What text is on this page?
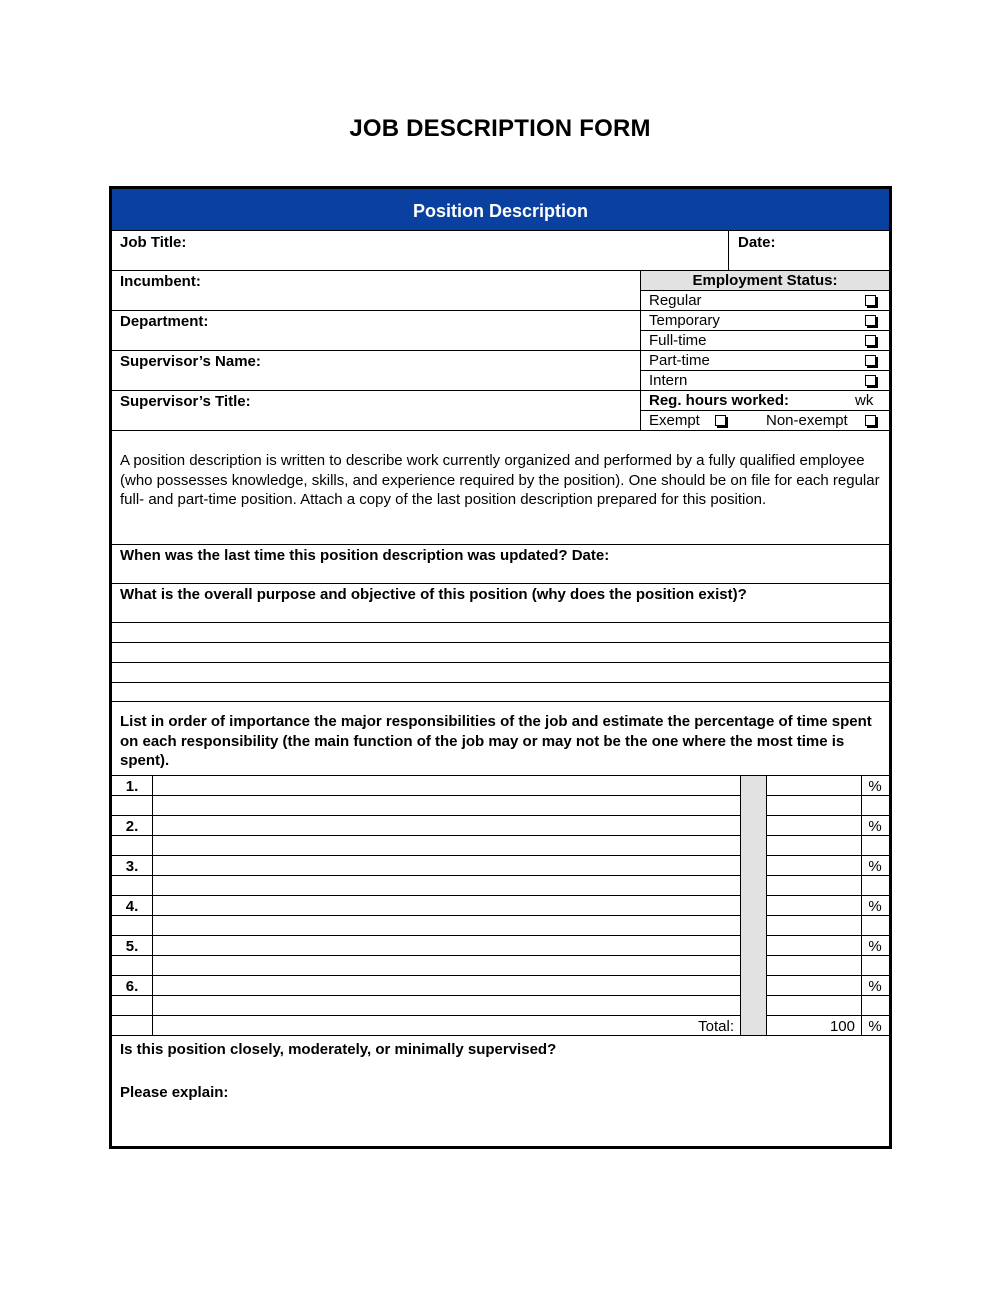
JOB DESCRIPTION FORM
Position Description
Job Title:	Date:
Incumbent:
Department:
Supervisor’s Name:
Supervisor’s Title:
Employment Status:
Regular
Temporary
Full-time
Part-time
Intern
Reg. hours worked:	wk
Exempt	Non-exempt
A position description is written to describe work currently organized and performed by a fully qualified employee (who possesses knowledge, skills, and experience required by the position). One should be on file for each regular full- and part-time position. Attach a copy of the last position description prepared for this position.
When was the last time this position description was updated? Date:
What is the overall purpose and objective of this position (why does the position exist)?
List in order of importance the major responsibilities of the job and estimate the percentage of time spent on each responsibility (the main function of the job may or may not be the one where the most time is spent).
1.	%
2.	%
3.	%
4.	%
5.	%
6.	%
Total:	100 %
Is this position closely, moderately, or minimally supervised?
Please explain:
